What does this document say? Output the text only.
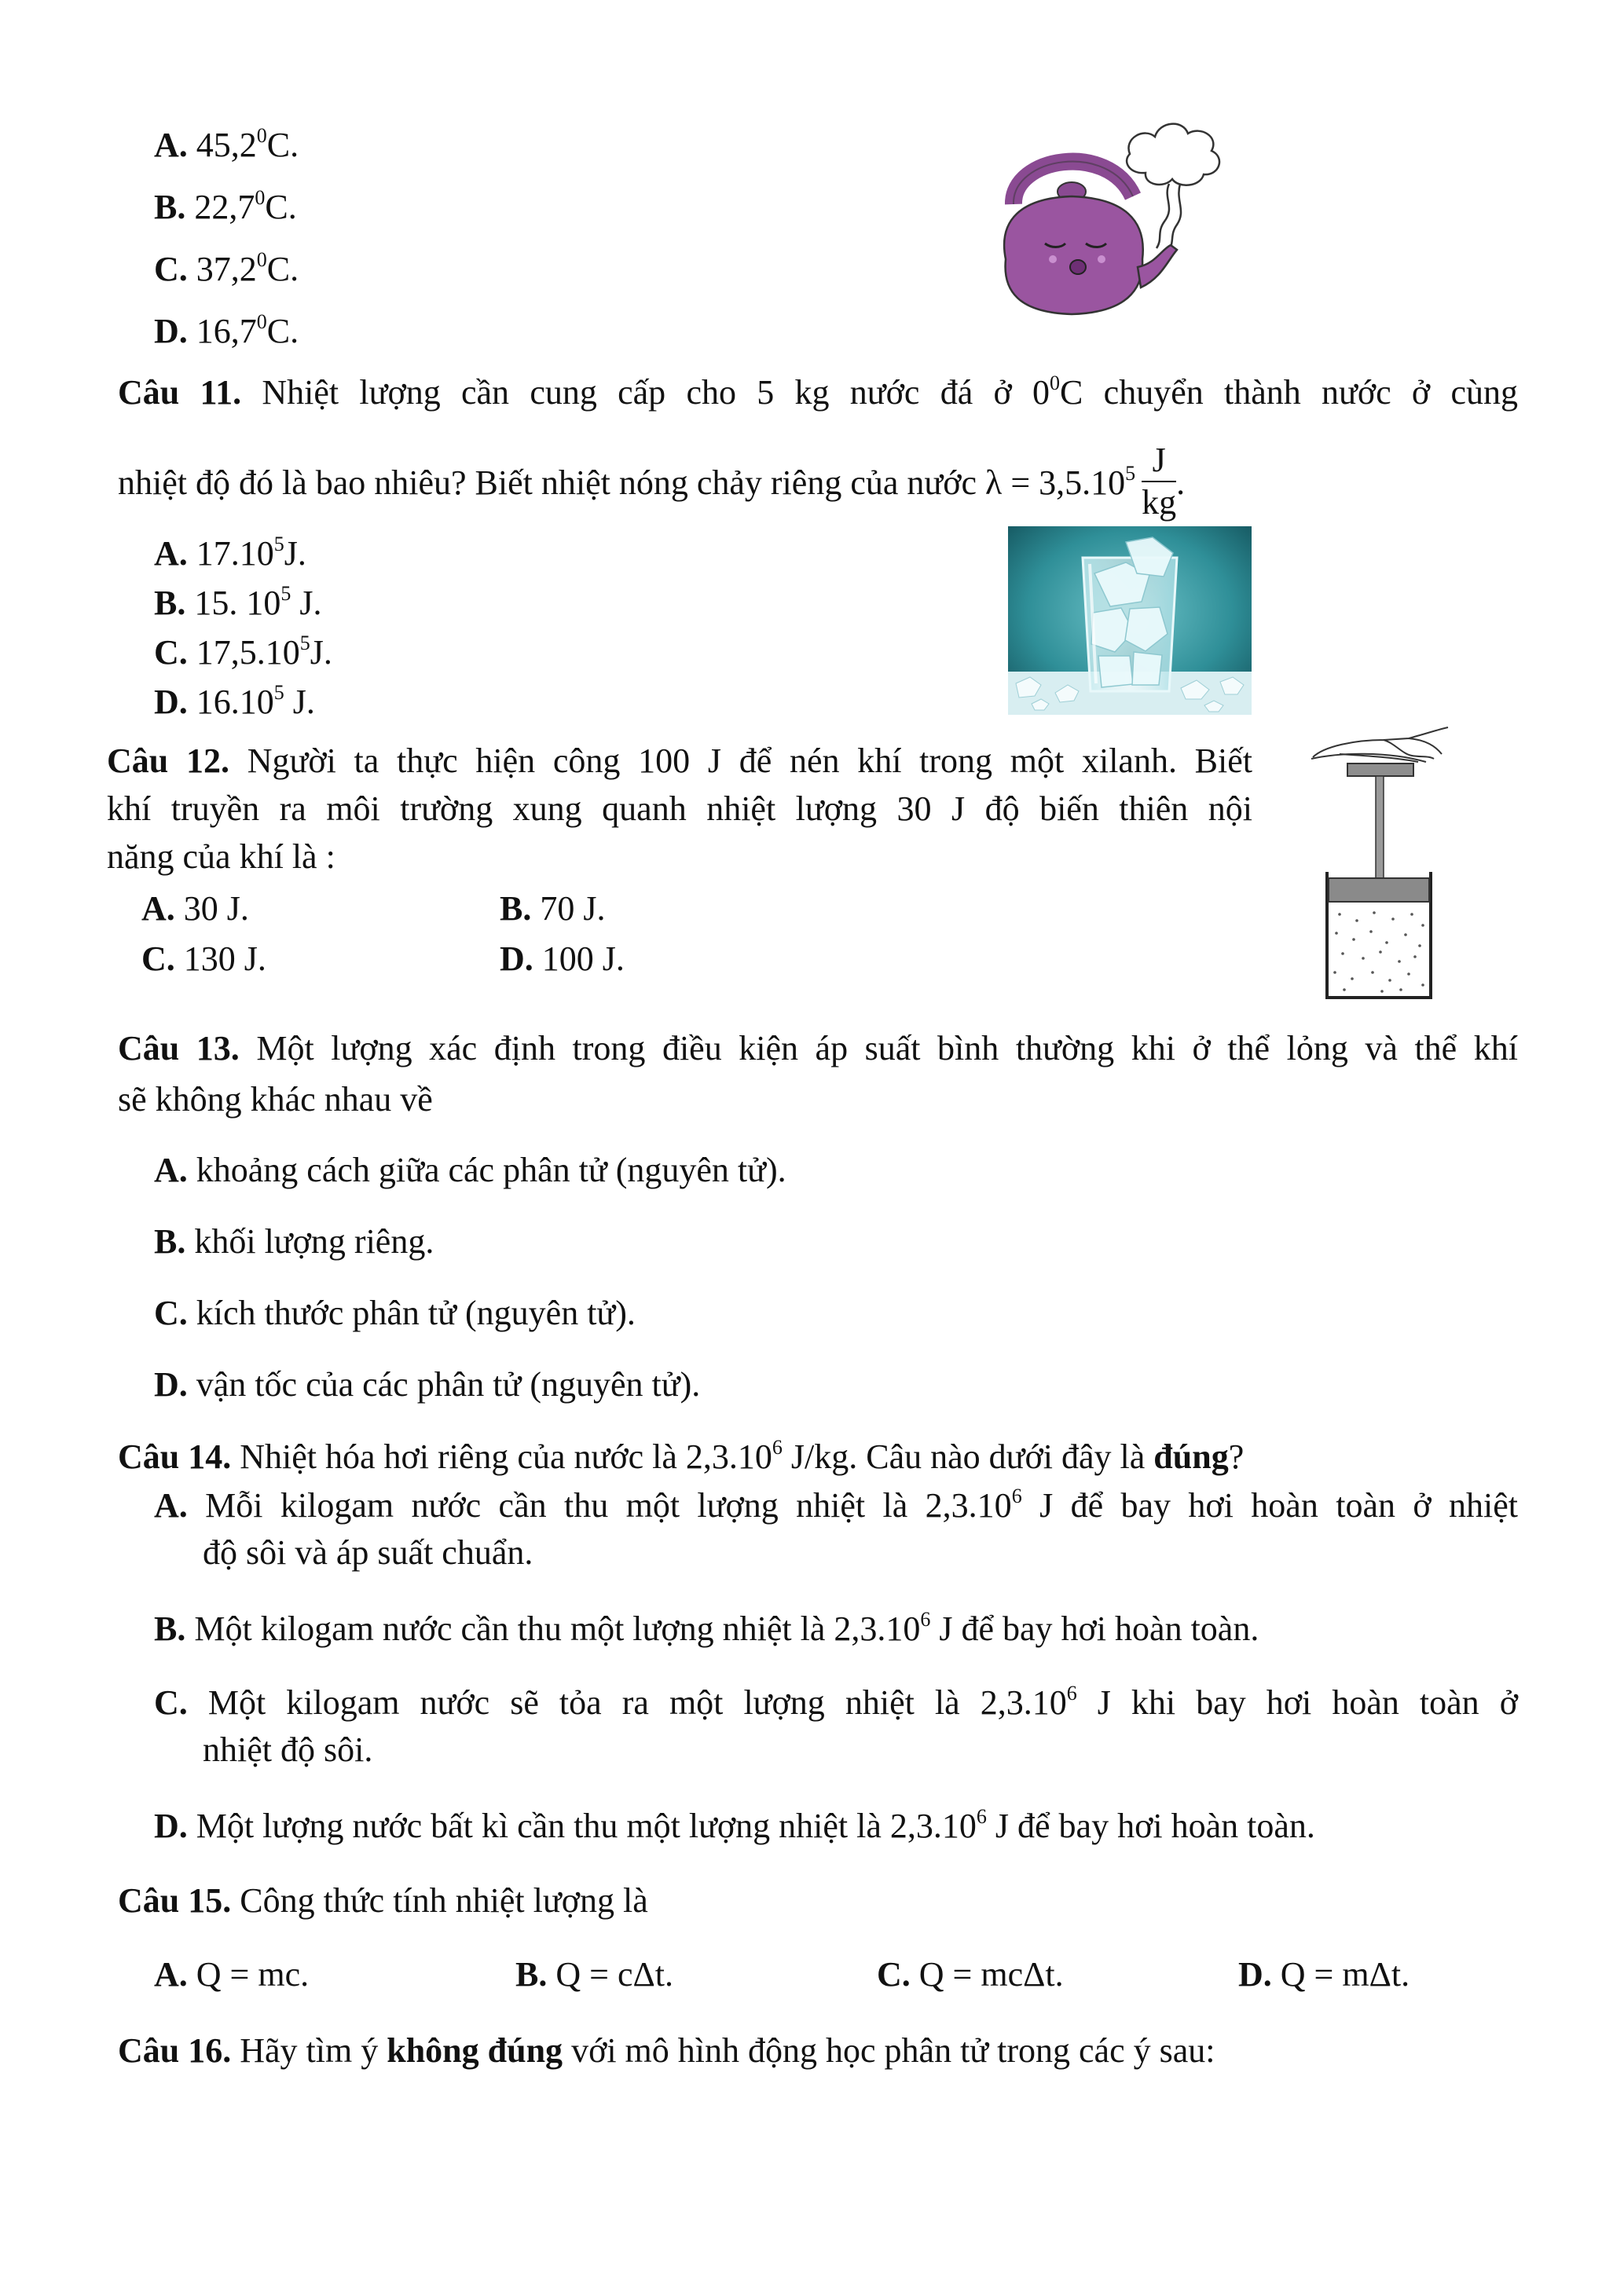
A. 45,2$^0$C.
B. 22,7$^0$C.
C. 37,2$^0$C.
D. 16,7$^0$C.
Câu 11. Nhiệt lượng cần cung cấp cho 5 kg nước đá ở $0^0C$ chuyển thành nước ở cùng
nhiệt độ đó là bao nhiêu? Biết nhiệt nóng chảy riêng của nước $\lambda = 3,5.10^5 \frac{J}{kg}$ .
A. 17.10$^5$J.
B. 15. $10^5$ J.
C. 17,5.10$^5$J.
D. 16.10$^5$ J.
Câu 12. Người ta thực hiện công 100 J để nén khí trong một xilanh. Biết
khí truyền ra môi trường xung quanh nhiệt lượng 30 J độ biến thiên nội
năng của khí là :
A. 30 J.	B. 70 J.
C. 130 J.	D. 100 J.
Câu 13. Một lượng xác định trong điều kiện áp suất bình thường khi ở thể lỏng và thể khí
sẽ không khác nhau về
A. khoảng cách giữa các phân tử (nguyên tử).
B. khối lượng riêng.
C. kích thước phân tử (nguyên tử).
D. vận tốc của các phân tử (nguyên tử).
Câu 14. Nhiệt hóa hơi riêng của nước là 2,3.10$^6$ J/kg. Câu nào dưới đây là đúng?
A. Mỗi kilogam nước cần thu một lượng nhiệt là 2,3.10$^6$ J để bay hơi hoàn toàn ở nhiệt
độ sôi và áp suất chuẩn.
B. Một kilogam nước cần thu một lượng nhiệt là 2,3.10$^6$ J để bay hơi hoàn toàn.
C. Một kilogam nước sẽ tỏa ra một lượng nhiệt là 2,3.10$^6$ J khi bay hơi hoàn toàn ở
nhiệt độ sôi.
D. Một lượng nước bất kì cần thu một lượng nhiệt là 2,3.10$^6$ J để bay hơi hoàn toàn.
Câu 15. Công thức tính nhiệt lượng là
A. Q = mc.	B. Q = cΔt.	C. Q = mcΔt.	D. Q = mΔt.
Câu 16. Hãy tìm ý không đúng với mô hình động học phân tử trong các ý sau:
